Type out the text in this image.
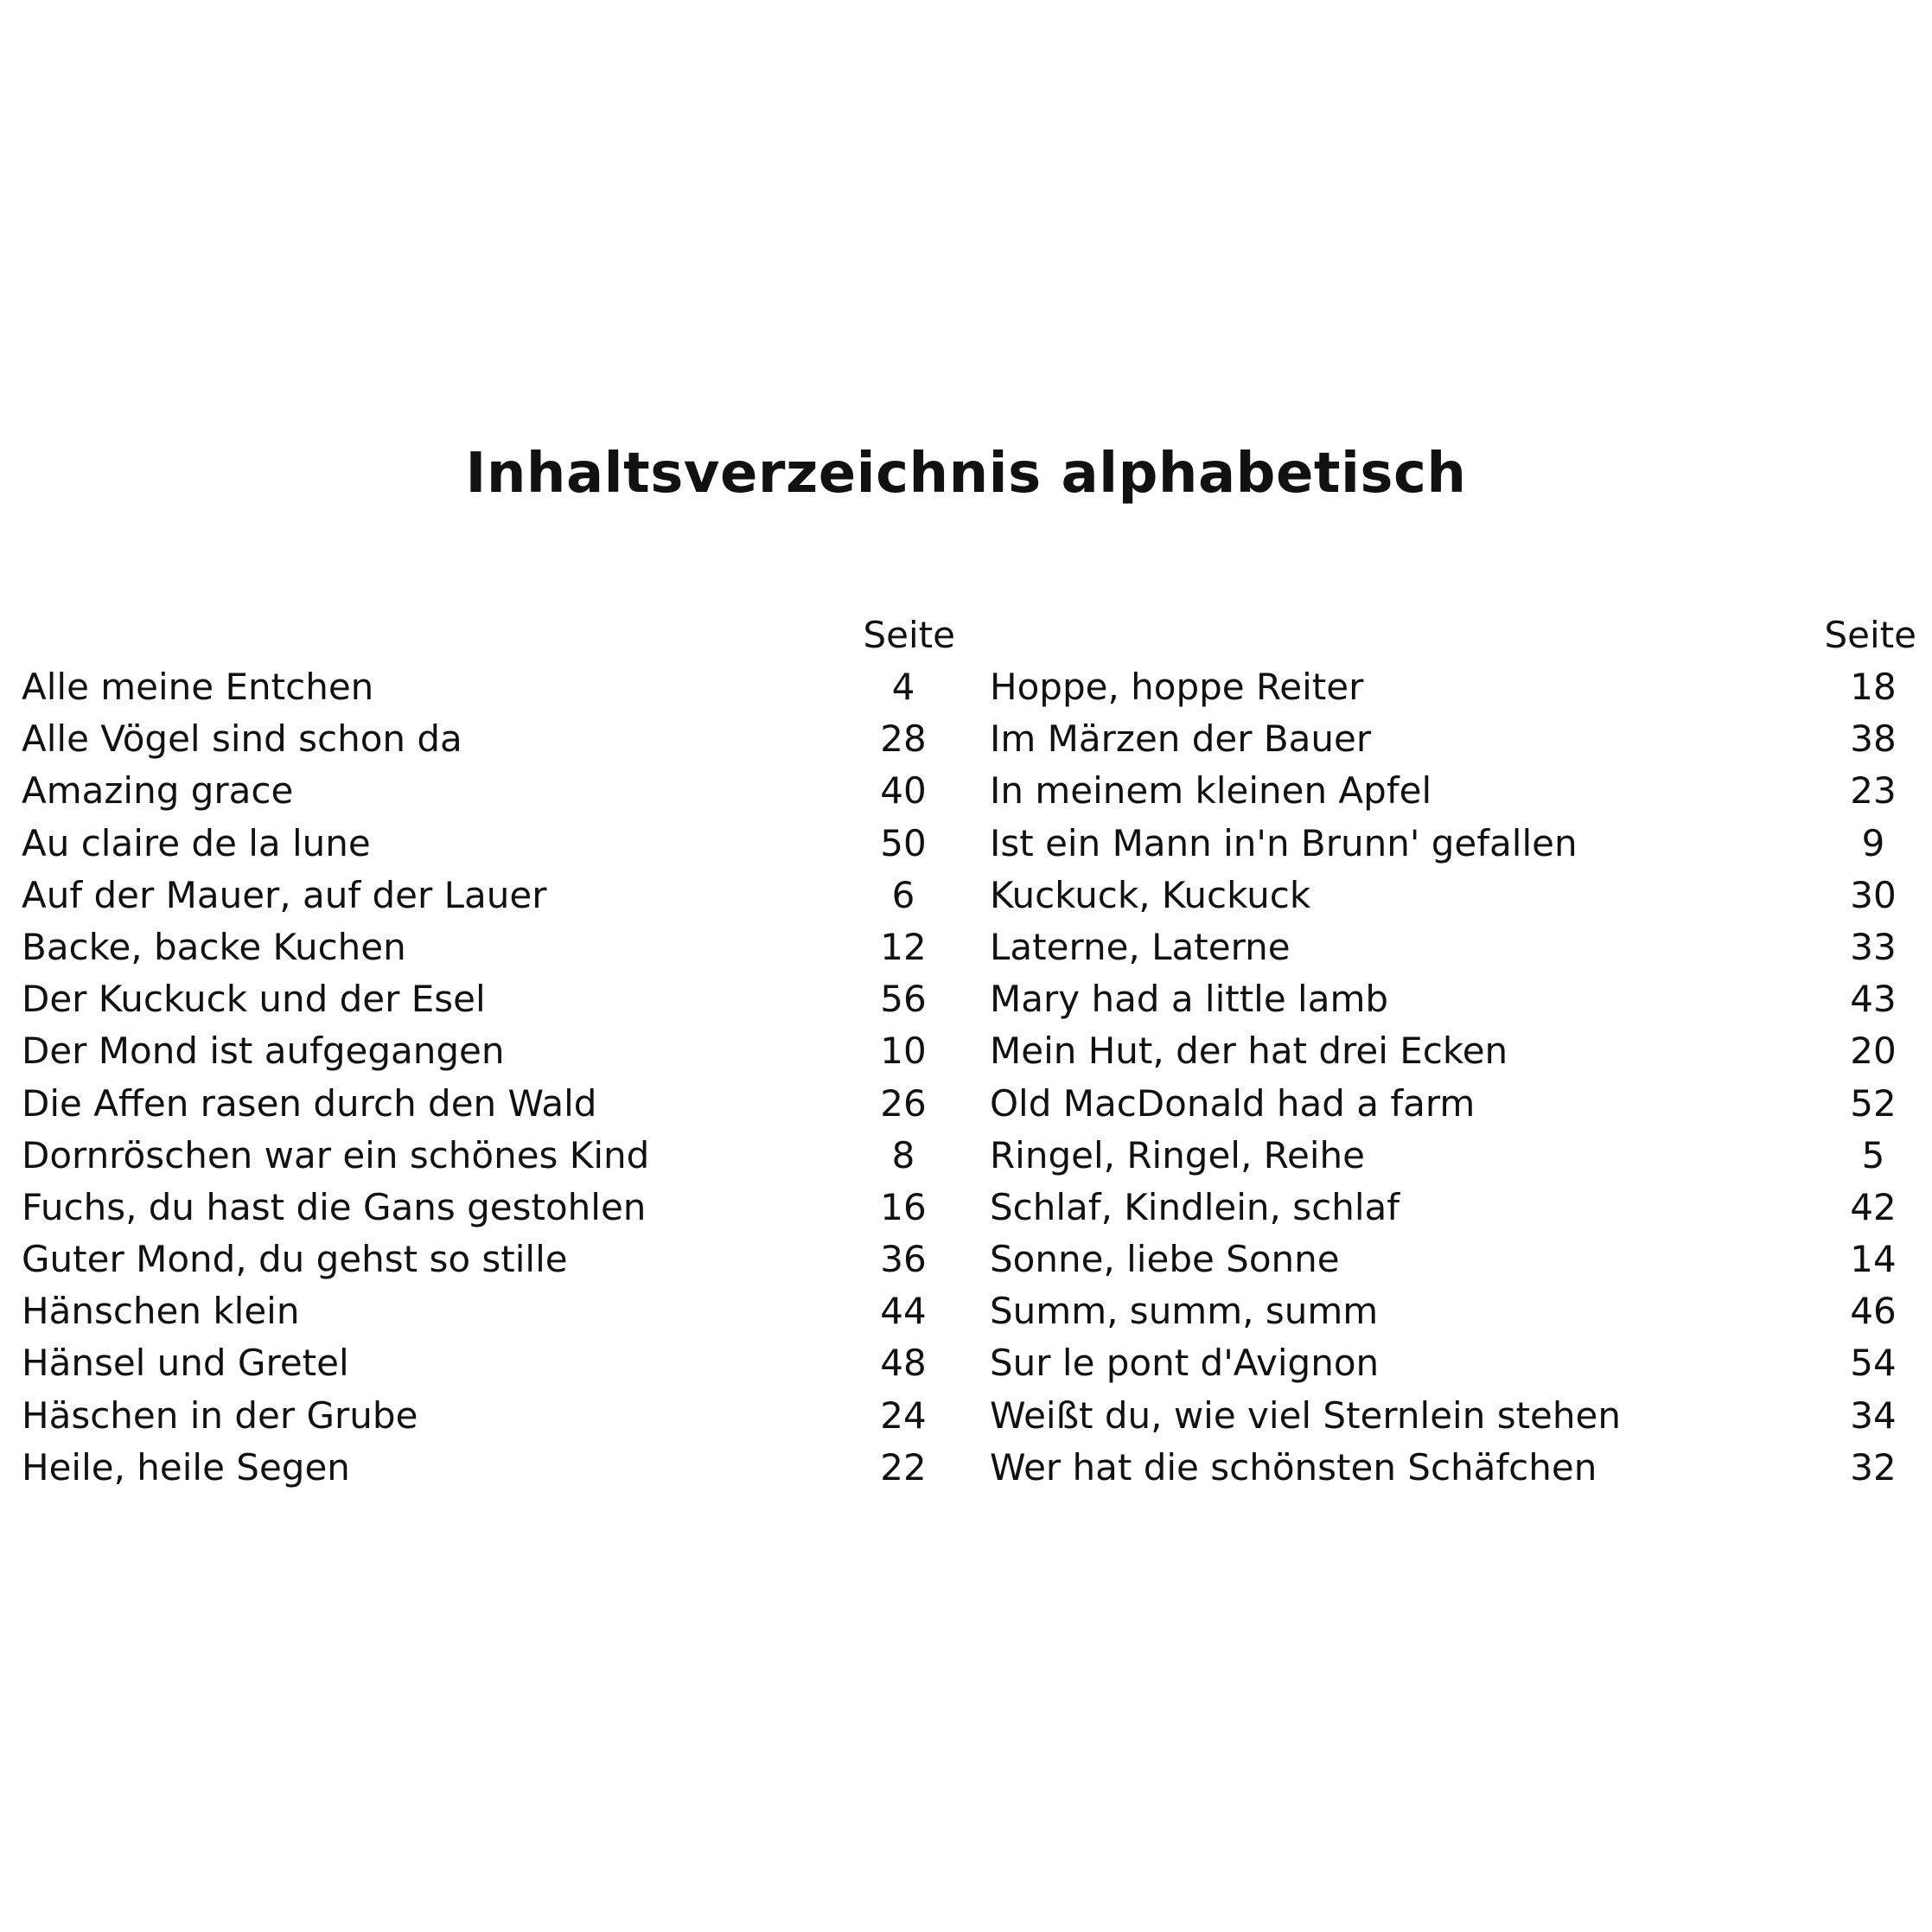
Inhaltsverzeichnis alphabetisch
Seite
Alle meine Entchen	4
Alle Vögel sind schon da	28
Amazing grace	40
Au claire de la lune	50
Auf der Mauer, auf der Lauer	6
Backe, backe Kuchen	12
Der Kuckuck und der Esel	56
Der Mond ist aufgegangen	10
Die Affen rasen durch den Wald	26
Dornröschen war ein schönes Kind	8
Fuchs, du hast die Gans gestohlen	16
Guter Mond, du gehst so stille	36
Hänschen klein	44
Hänsel und Gretel	48
Häschen in der Grube	24
Heile, heile Segen	22
Seite
Hoppe, hoppe Reiter	18
Im Märzen der Bauer	38
In meinem kleinen Apfel	23
Ist ein Mann in'n Brunn' gefallen	9
Kuckuck, Kuckuck	30
Laterne, Laterne	33
Mary had a little lamb	43
Mein Hut, der hat drei Ecken	20
Old MacDonald had a farm	52
Ringel, Ringel, Reihe	5
Schlaf, Kindlein, schlaf	42
Sonne, liebe Sonne	14
Summ, summ, summ	46
Sur le pont d'Avignon	54
Weißt du, wie viel Sternlein stehen	34
Wer hat die schönsten Schäfchen	32
